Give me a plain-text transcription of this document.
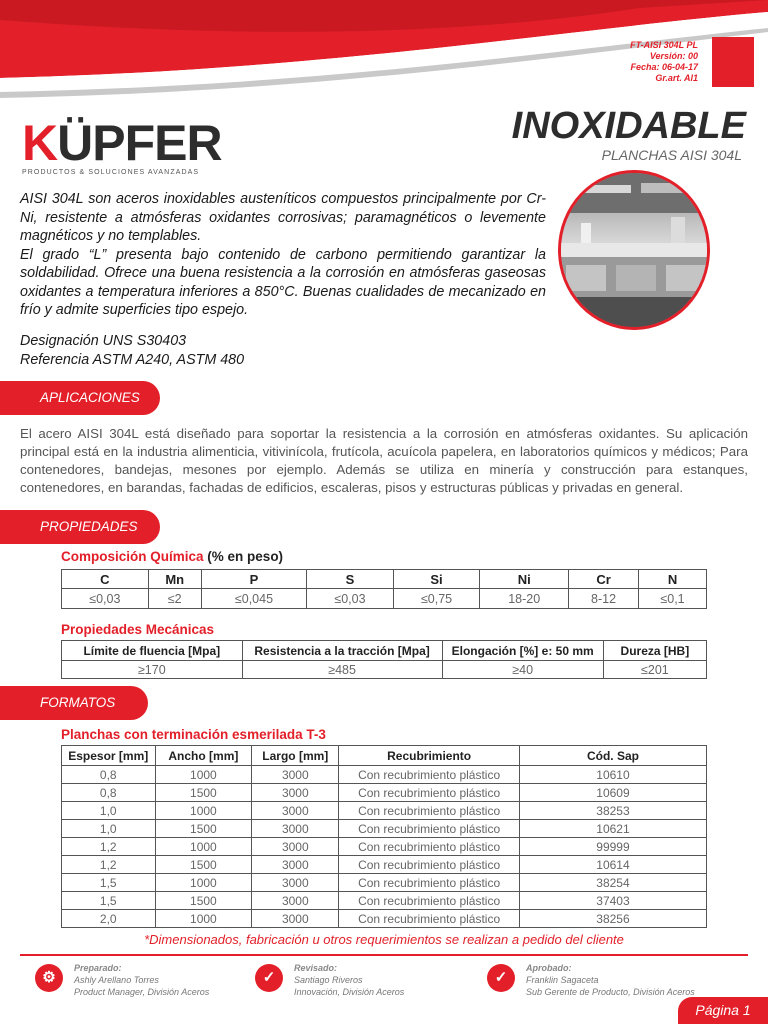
FT-AISI 304L PL
Versión: 00
Fecha: 06-04-17
Gr.art. Al1
KÜPFER
PRODUCTOS & SOLUCIONES AVANZADAS
INOXIDABLE
PLANCHAS AISI 304L
AISI 304L son aceros inoxidables austeníticos compuestos principalmente por Cr-Ni, resistente a atmósferas oxidantes corrosivas; paramagnéticos o levemente magnéticos y no templables.
El grado “L” presenta bajo contenido de carbono permitiendo garantizar la soldabilidad. Ofrece una buena resistencia a la corrosión en atmósferas gaseosas oxidantes a temperatura inferiores a 850°C. Buenas cualidades de mecanizado en frío y admite superficies tipo espejo.
Designación UNS S30403
Referencia ASTM A240, ASTM 480
APLICACIONES
El acero AISI 304L está diseñado para soportar la resistencia a la corrosión en atmósferas oxidantes. Su aplicación principal está en la industria alimenticia, vitivinícola, frutícola, acuícola papelera, en laboratorios químicos y médicos; Para contenedores, bandejas, mesones por ejemplo. Además se utiliza en minería y construcción para estanques, contenedores, en barandas, fachadas de edificios, escaleras, pisos y estructuras públicas y privadas en general.
PROPIEDADES
Composición Química (% en peso)
C	Mn	P	S	Si	Ni	Cr	N
≤0,03	≤2	≤0,045	≤0,03	≤0,75	18-20	8-12	≤0,1
Propiedades Mecánicas
Límite de fluencia [Mpa]	Resistencia a la tracción [Mpa]	Elongación [%] e: 50 mm	Dureza [HB]
≥170	≥485	≥40	≤201
FORMATOS
Planchas con terminación esmerilada T-3
Espesor [mm]	Ancho [mm]	Largo [mm]	Recubrimiento	Cód. Sap
0,8	1000	3000	Con recubrimiento plástico	10610
0,8	1500	3000	Con recubrimiento plástico	10609
1,0	1000	3000	Con recubrimiento plástico	38253
1,0	1500	3000	Con recubrimiento plástico	10621
1,2	1000	3000	Con recubrimiento plástico	99999
1,2	1500	3000	Con recubrimiento plástico	10614
1,5	1000	3000	Con recubrimiento plástico	38254
1,5	1500	3000	Con recubrimiento plástico	37403
2,0	1000	3000	Con recubrimiento plástico	38256
*Dimensionados, fabricación u otros requerimientos se realizan a pedido del cliente
⚙
Preparado:
Ashly Arellano Torres
Product Manager, División Aceros
✓
Revisado:
Santiago Riveros
Innovación, División Aceros
✓
Aprobado:
Franklin Sagaceta
Sub Gerente de Producto, División Aceros
Página 1
